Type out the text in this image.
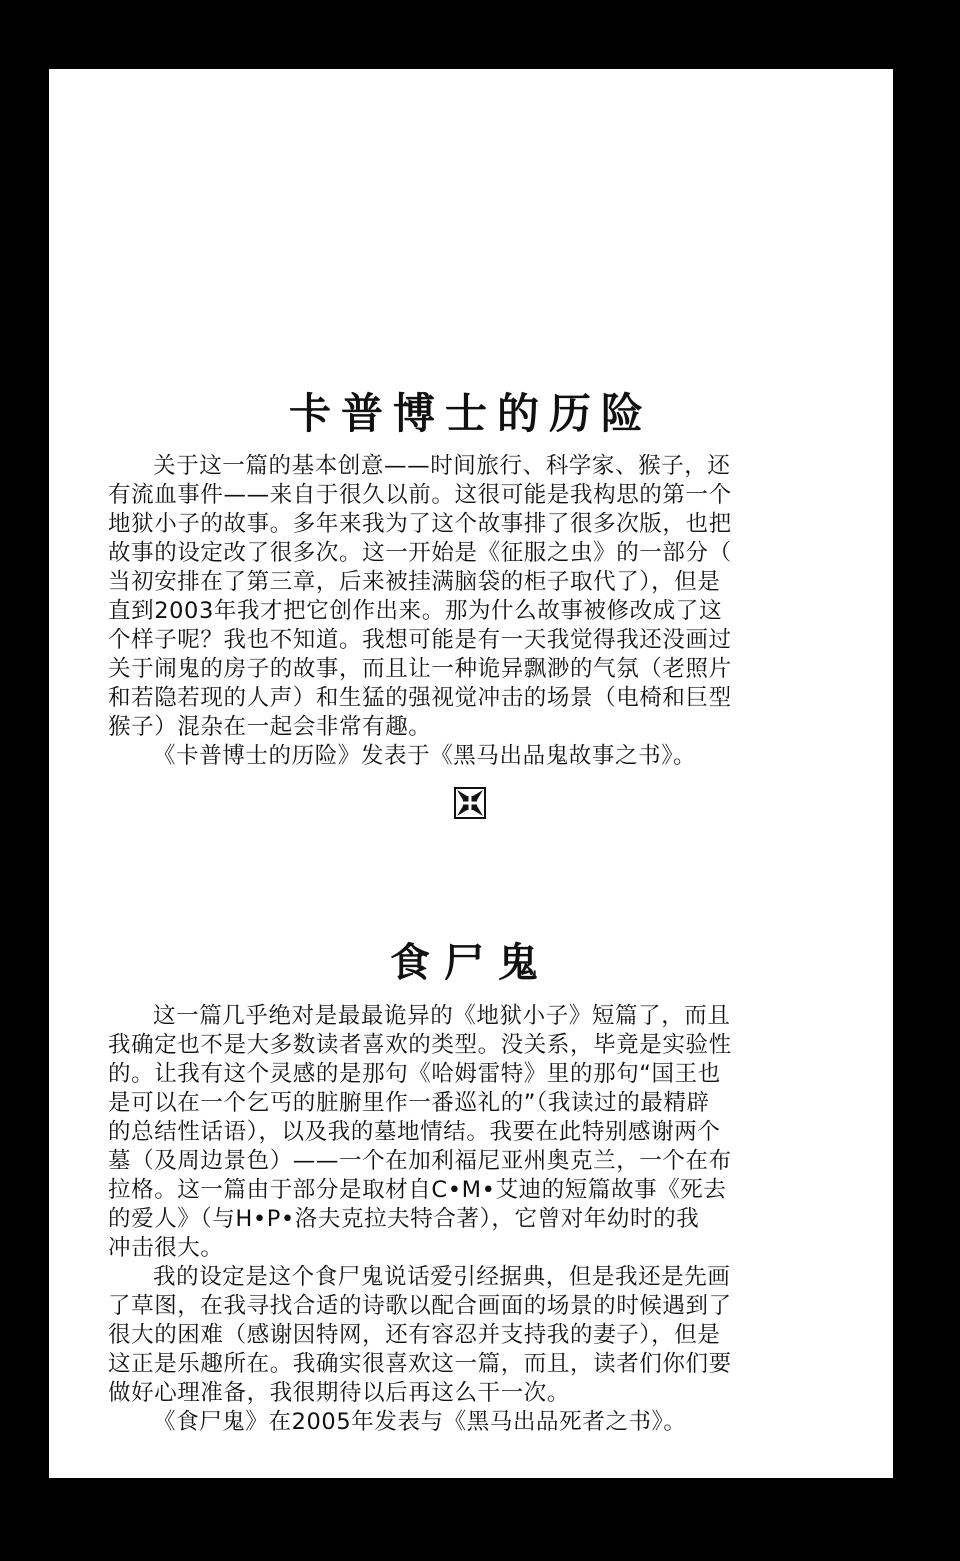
卡普博士的历险
关于这一篇的基本创意——时间旅行、科学家、猴子，还
有流血事件——来自于很久以前。这很可能是我构思的第一个
地狱小子的故事。多年来我为了这个故事排了很多次版，也把
故事的设定改了很多次。这一开始是《征服之虫》的一部分（
当初安排在了第三章，后来被挂满脑袋的柜子取代了），但是
直到2003年我才把它创作出来。那为什么故事被修改成了这
个样子呢？我也不知道。我想可能是有一天我觉得我还没画过
关于闹鬼的房子的故事，而且让一种诡异飘渺的气氛（老照片
和若隐若现的人声）和生猛的强视觉冲击的场景（电椅和巨型
猴子）混杂在一起会非常有趣。
《卡普博士的历险》发表于《黑马出品鬼故事之书》。
食尸鬼
这一篇几乎绝对是最最诡异的《地狱小子》短篇了，而且
我确定也不是大多数读者喜欢的类型。没关系，毕竟是实验性
的。让我有这个灵感的是那句《哈姆雷特》里的那句“国王也
是可以在一个乞丐的脏腑里作一番巡礼的”（我读过的最精辟
的总结性话语），以及我的墓地情结。我要在此特别感谢两个
墓（及周边景色）——一个在加利福尼亚州奥克兰，一个在布
拉格。这一篇由于部分是取材自C•M•艾迪的短篇故事《死去
的爱人》（与H•P•洛夫克拉夫特合著），它曾对年幼时的我
冲击很大。
我的设定是这个食尸鬼说话爱引经据典，但是我还是先画
了草图，在我寻找合适的诗歌以配合画面的场景的时候遇到了
很大的困难（感谢因特网，还有容忍并支持我的妻子），但是
这正是乐趣所在。我确实很喜欢这一篇，而且，读者们你们要
做好心理准备，我很期待以后再这么干一次。
《食尸鬼》在2005年发表与《黑马出品死者之书》。
